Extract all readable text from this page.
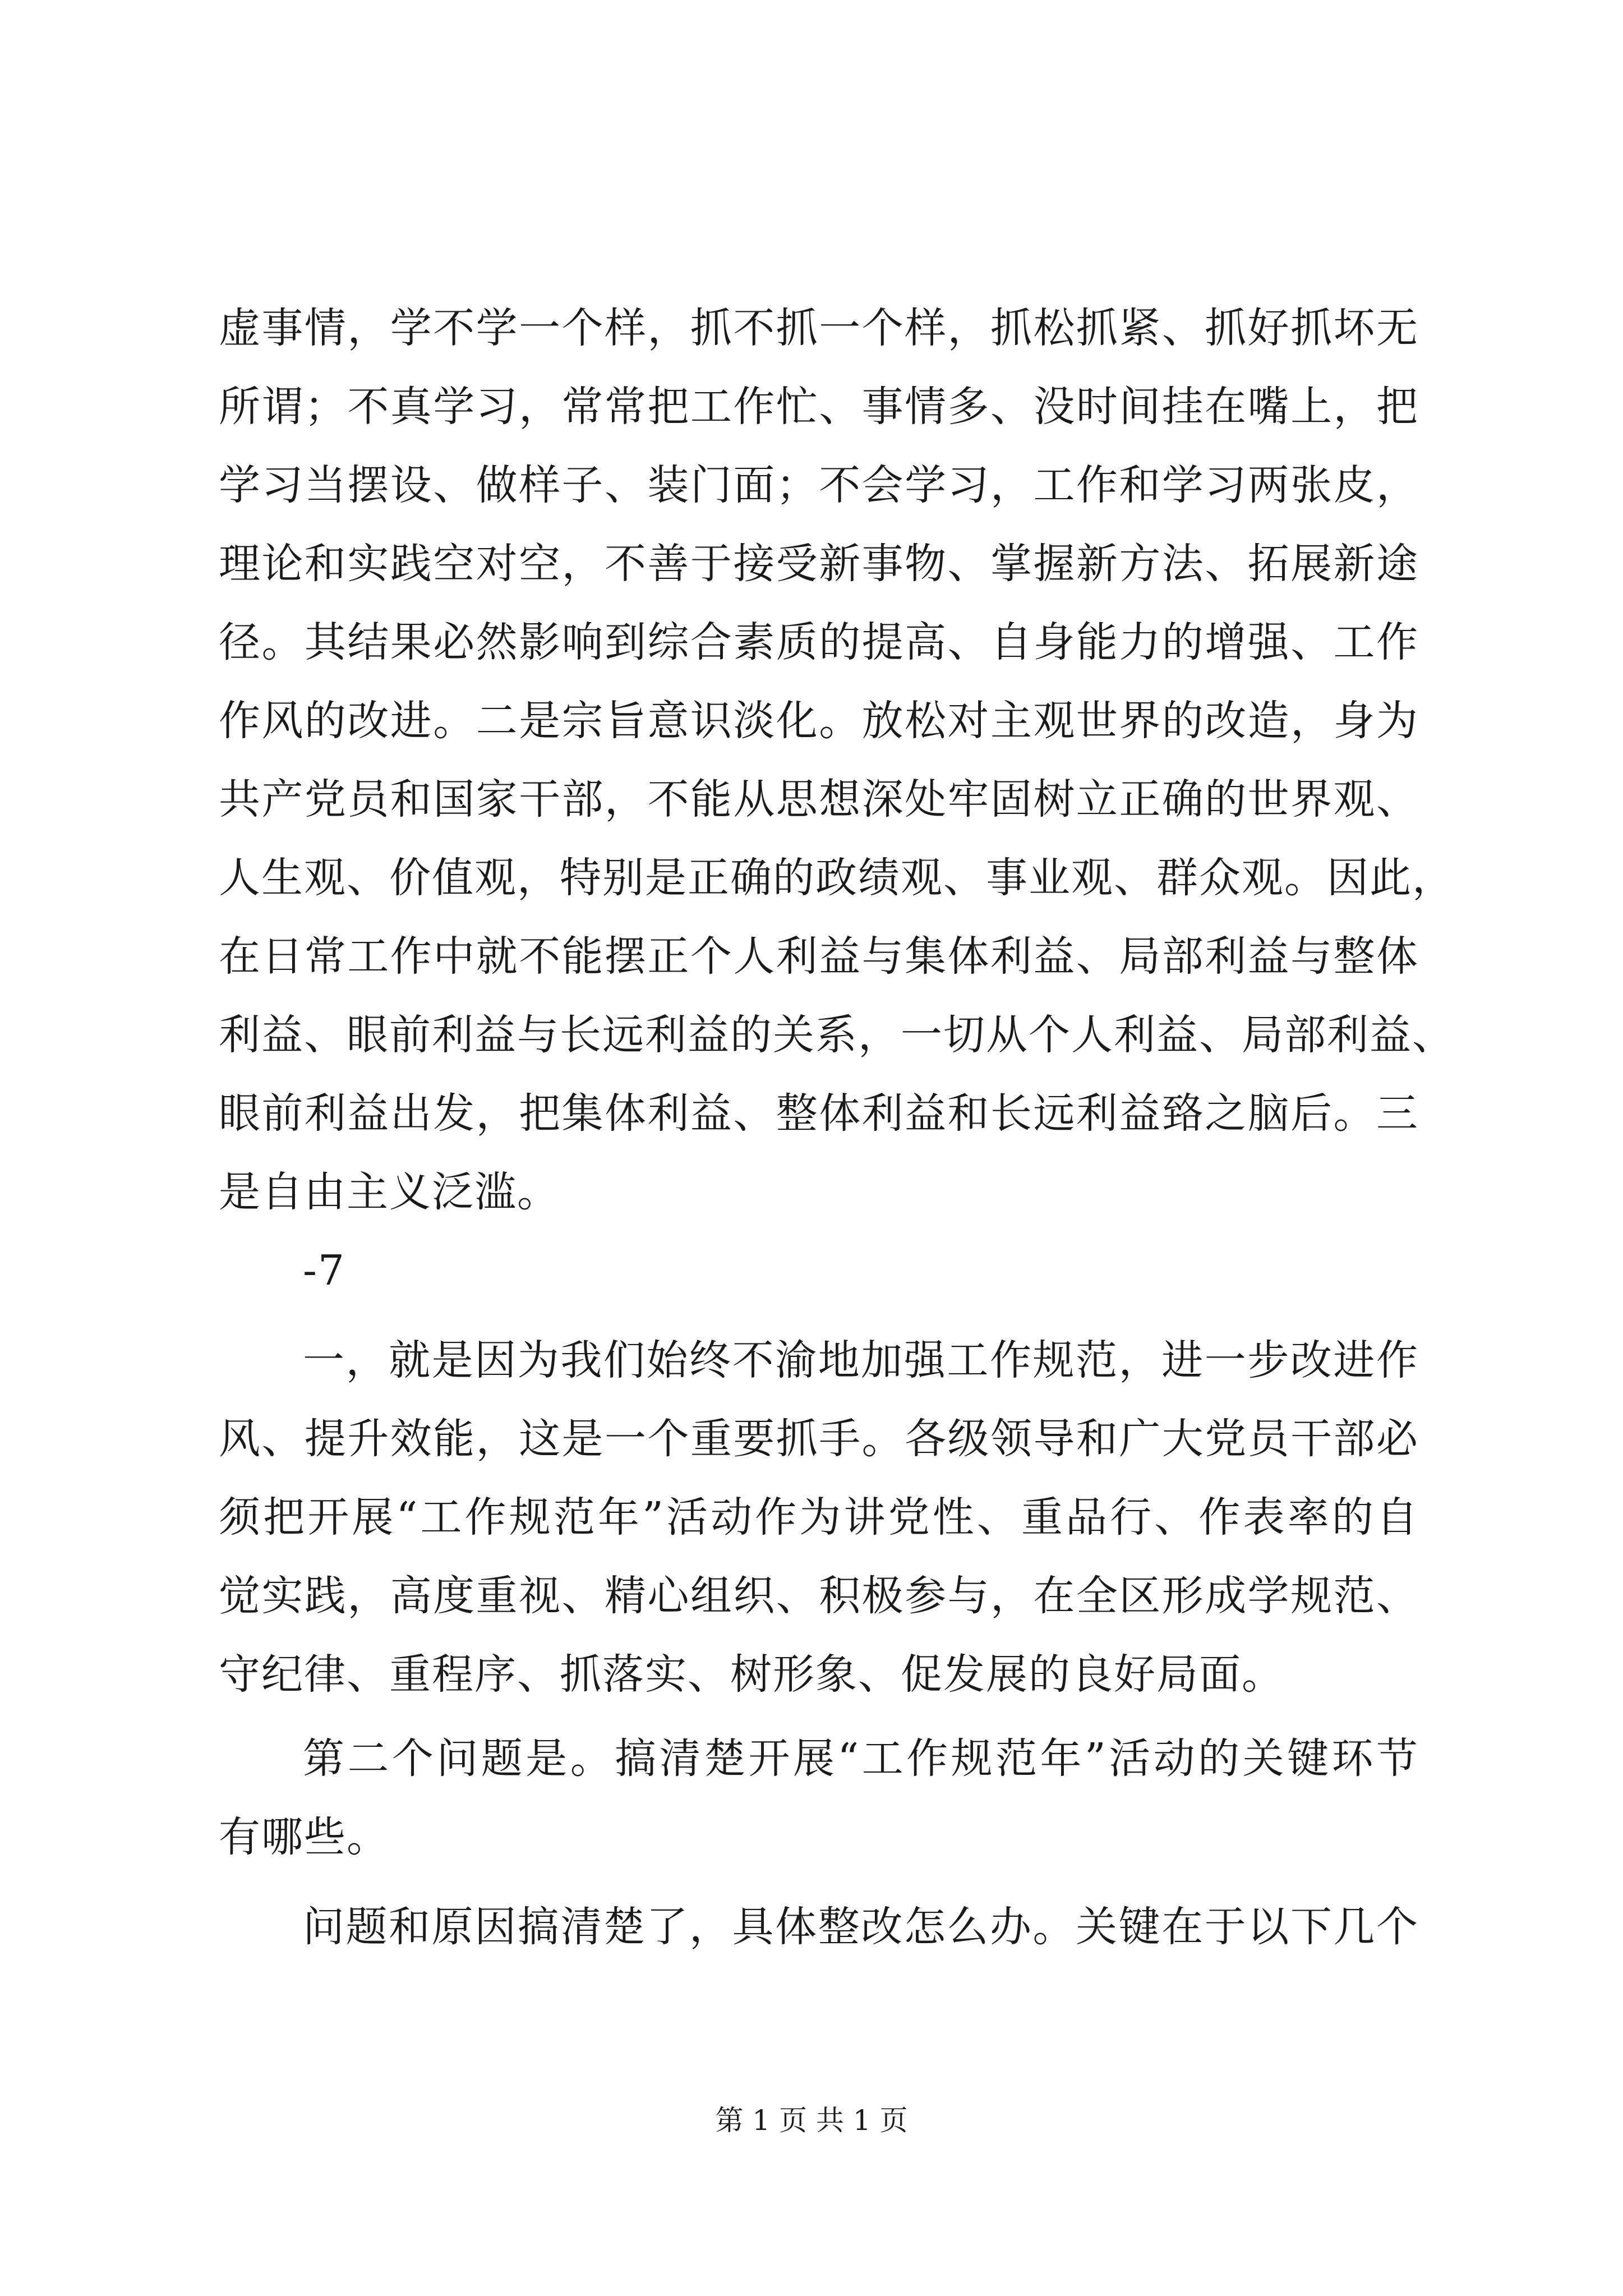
虚事情，学不学一个样，抓不抓一个样，抓松抓紧、抓好抓坏无
所谓；不真学习，常常把工作忙、事情多、没时间挂在嘴上，把
学习当摆设、做样子、装门面；不会学习，工作和学习两张皮，
理论和实践空对空，不善于接受新事物、掌握新方法、拓展新途
径。其结果必然影响到综合素质的提高、自身能力的增强、工作
作风的改进。二是宗旨意识淡化。放松对主观世界的改造，身为
共产党员和国家干部，不能从思想深处牢固树立正确的世界观、
人生观、价值观，特别是正确的政绩观、事业观、群众观。因此，
在日常工作中就不能摆正个人利益与集体利益、局部利益与整体
利益、眼前利益与长远利益的关系，一切从个人利益、局部利益、
眼前利益出发，把集体利益、整体利益和长远利益臵之脑后。三
是自由主义泛滥。
-7
一，就是因为我们始终不渝地加强工作规范，进一步改进作
风、提升效能，这是一个重要抓手。各级领导和广大党员干部必
须把开展“工作规范年”活动作为讲党性、重品行、作表率的自
觉实践，高度重视、精心组织、积极参与，在全区形成学规范、
守纪律、重程序、抓落实、树形象、促发展的良好局面。
第二个问题是。搞清楚开展“工作规范年”活动的关键环节
有哪些。
问题和原因搞清楚了，具体整改怎么办。关键在于以下几个
第 1 页 共 1 页
